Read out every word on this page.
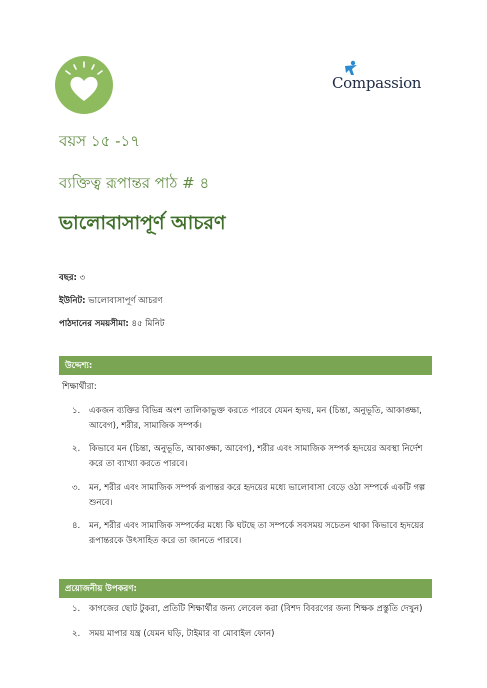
Compassion
বয়স ১৫ -১৭
ব্যক্তিত্ব রূপান্তর পাঠ # ৪
ভালোবাসাপূর্ণ আচরণ
বছর: ৩
ইউনিট: ভালোবাসাপূর্ণ আচরণ
পাঠদানের সময়সীমা: ৪৫ মিনিট
উদ্দেশ্য:
শিক্ষার্থীরা:
১.	একজন ব্যক্তির বিভিন্ন অংশ তালিকাভুক্ত করতে পারবে যেমন হৃদয়, মন (চিন্তা, অনুভূতি, আকাঙ্ক্ষা, আবেগ), শরীর, সামাজিক সম্পর্ক।
২.	কিভাবে মন (চিন্তা, অনুভূতি, আকাঙ্ক্ষা, আবেগ), শরীর এবং সামাজিক সম্পর্ক হৃদয়ের অবস্থা নির্দেশ করে তা ব্যাখ্যা করতে পারবে।
৩.	মন, শরীর এবং সামাজিক সম্পর্ক রূপান্তর করে হৃদয়ের মধ্যে ভালোবাসা বেড়ে ওঠা সম্পর্কে একটি গল্প শুনবে।
৪.	মন, শরীর এবং সামাজিক সম্পর্কের মধ্যে কি ঘটছে তা সম্পর্কে সবসময় সচেতন থাকা কিভাবে হৃদয়ের রূপান্তরকে উৎসাহিত করে তা জানতে পারবে।
প্রয়োজনীয় উপকরণ:
১.	কাগজের ছোট টুকরা, প্রতিটি শিক্ষার্থীর জন্য লেবেল করা (বিশদ বিবরণের জন্য শিক্ষক প্রস্তুতি দেখুন)
২.	সময় মাপার যন্ত্র (যেমন ঘড়ি, টাইমার বা মোবাইল ফোন)
